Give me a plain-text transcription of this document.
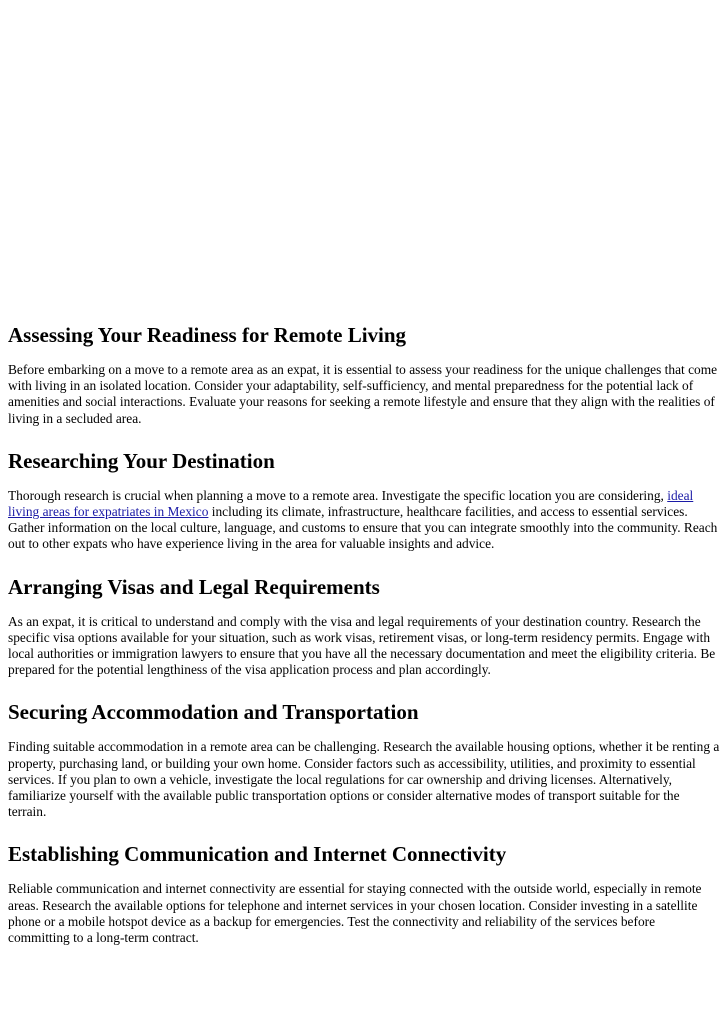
Assessing Your Readiness for Remote Living

Before embarking on a move to a remote area as an expat, it is essential to assess your readiness for the unique challenges that come with living in an isolated location. Consider your adaptability, self-sufficiency, and mental preparedness for the potential lack of amenities and social interactions. Evaluate your reasons for seeking a remote lifestyle and ensure that they align with the realities of living in a secluded area.

Researching Your Destination

Thorough research is crucial when planning a move to a remote area. Investigate the specific location you are considering, ideal living areas for expatriates in Mexico including its climate, infrastructure, healthcare facilities, and access to essential services. Gather information on the local culture, language, and customs to ensure that you can integrate smoothly into the community. Reach out to other expats who have experience living in the area for valuable insights and advice.

Arranging Visas and Legal Requirements

As an expat, it is critical to understand and comply with the visa and legal requirements of your destination country. Research the specific visa options available for your situation, such as work visas, retirement visas, or long-term residency permits. Engage with local authorities or immigration lawyers to ensure that you have all the necessary documentation and meet the eligibility criteria. Be prepared for the potential lengthiness of the visa application process and plan accordingly.

Securing Accommodation and Transportation

Finding suitable accommodation in a remote area can be challenging. Research the available housing options, whether it be renting a property, purchasing land, or building your own home. Consider factors such as accessibility, utilities, and proximity to essential services. If you plan to own a vehicle, investigate the local regulations for car ownership and driving licenses. Alternatively, familiarize yourself with the available public transportation options or consider alternative modes of transport suitable for the terrain.

Establishing Communication and Internet Connectivity

Reliable communication and internet connectivity are essential for staying connected with the outside world, especially in remote areas. Research the available options for telephone and internet services in your chosen location. Consider investing in a satellite phone or a mobile hotspot device as a backup for emergencies. Test the connectivity and reliability of the services before committing to a long-term contract.
